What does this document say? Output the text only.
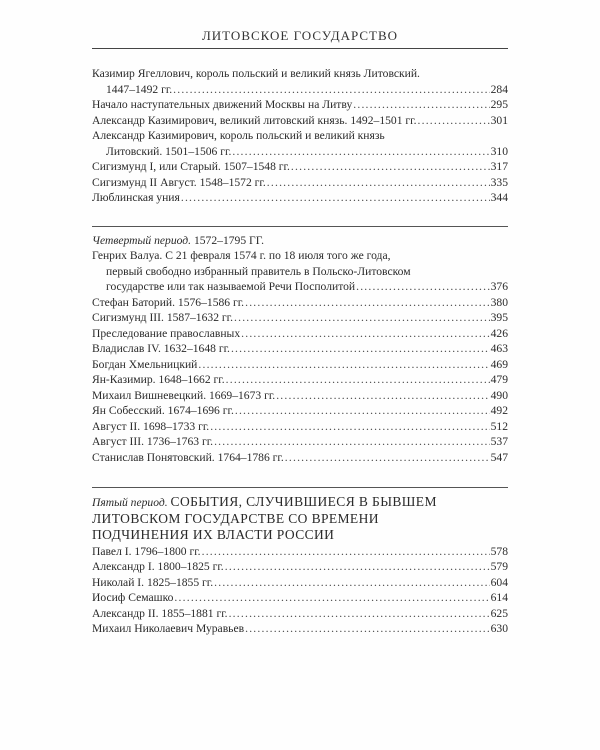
ЛИТОВСКОЕ ГОСУДАРСТВО
Казимир Ягеллович, король польский и великий князь Литовский.
1447–1492 гг. .....	284
Начало наступательных движений Москвы на Литву .....	295
Александр Казимирович, великий литовский князь. 1492–1501 гг. .....	301
Александр Казимирович, король польский и великий князь
Литовский. 1501–1506 гг. .....	310
Сигизмунд I, или Старый. 1507–1548 гг. .....	317
Сигизмунд II Август. 1548–1572 гг. .....	335
Люблинская уния .....	344
Четвертый период. 1572–1795 ГГ.
Генрих Валуа. С 21 февраля 1574 г. по 18 июля того же года,
первый свободно избранный правитель в Польско-Литовском
государстве или так называемой Речи Посполитой .....	376
Стефан Баторий. 1576–1586 гг. .....	380
Сигизмунд III. 1587–1632 гг. .....	395
Преследование православных .....	426
Владислав IV. 1632–1648 гг. .....	463
Богдан Хмельницкий .....	469
Ян-Казимир. 1648–1662 гг. .....	479
Михаил Вишневецкий. 1669–1673 гг. .....	490
Ян Собесский. 1674–1696 гг. .....	492
Август II. 1698–1733 гг. .....	512
Август III. 1736–1763 гг. .....	537
Станислав Понятовский. 1764–1786 гг. .....	547
Пятый период. СОБЫТИЯ, СЛУЧИВШИЕСЯ В БЫВШЕМ
ЛИТОВСКОМ ГОСУДАРСТВЕ СО ВРЕМЕНИ
ПОДЧИНЕНИЯ ИХ ВЛАСТИ РОССИИ
Павел I. 1796–1800 гг. .....	578
Александр I. 1800–1825 гг. .....	579
Николай I. 1825–1855 гг. .....	604
Иосиф Семашко .....	614
Александр II. 1855–1881 гг. .....	625
Михаил Николаевич Муравьев .....	630
